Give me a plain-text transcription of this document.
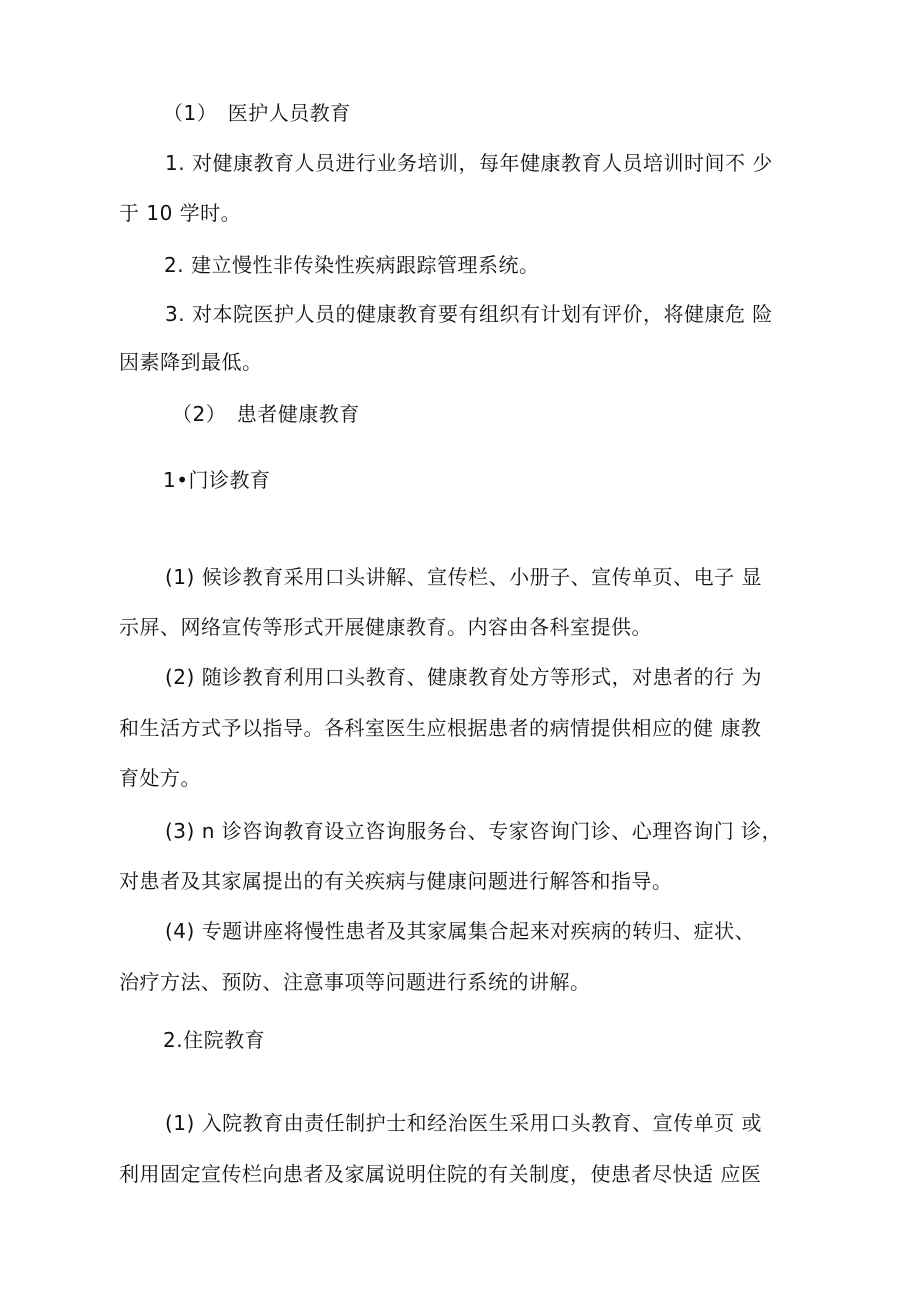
（1）　医护人员教育
1. 对健康教育人员进行业务培训，每年健康教育人员培训时间不 少
于 10 学时。
2. 建立慢性非传染性疾病跟踪管理系统。
3. 对本院医护人员的健康教育要有组织有计划有评价，将健康危 险
因素降到最低。
（2）　患者健康教育
1•门诊教育
(1) 候诊教育采用口头讲解、宣传栏、小册子、宣传单页、电子 显
示屏、网络宣传等形式开展健康教育。内容由各科室提供。
(2) 随诊教育利用口头教育、健康教育处方等形式，对患者的行 为
和生活方式予以指导。各科室医生应根据患者的病情提供相应的健 康教
育处方。
(3) n 诊咨询教育设立咨询服务台、专家咨询门诊、心理咨询门 诊，
对患者及其家属提出的有关疾病与健康问题进行解答和指导。
(4) 专题讲座将慢性患者及其家属集合起来对疾病的转归、症状、
治疗方法、预防、注意事项等问题进行系统的讲解。
2.住院教育
(1) 入院教育由责任制护士和经治医生采用口头教育、宣传单页 或
利用固定宣传栏向患者及家属说明住院的有关制度，使患者尽快适 应医
